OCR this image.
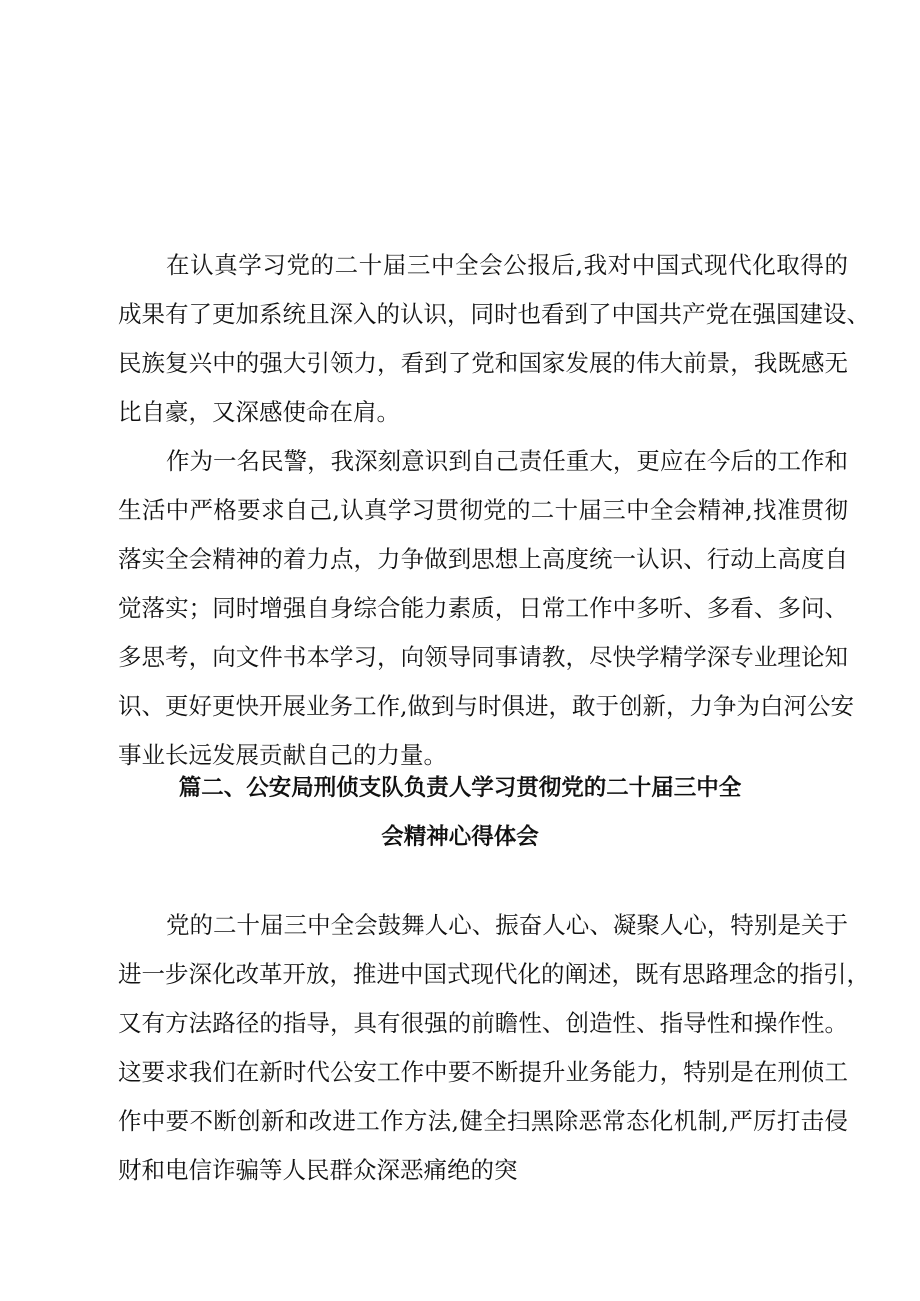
在认真学习党的二十届三中全会公报后,我对中国式现代化取得的
成果有了更加系统且深入的认识，同时也看到了中国共产党在强国建设、
民族复兴中的强大引领力，看到了党和国家发展的伟大前景，我既感无
比自豪，又深感使命在肩。
作为一名民警，我深刻意识到自己责任重大，更应在今后的工作和
生活中严格要求自己,认真学习贯彻党的二十届三中全会精神,找准贯彻
落实全会精神的着力点，力争做到思想上高度统一认识、行动上高度自
觉落实；同时增强自身综合能力素质，日常工作中多听、多看、多问、
多思考，向文件书本学习，向领导同事请教，尽快学精学深专业理论知
识、更好更快开展业务工作,做到与时俱进，敢于创新，力争为白河公安
事业长远发展贡献自己的力量。
篇二、公安局刑侦支队负责人学习贯彻党的二十届三中全
会精神心得体会
党的二十届三中全会鼓舞人心、振奋人心、凝聚人心，特别是关于
进一步深化改革开放，推进中国式现代化的阐述，既有思路理念的指引，
又有方法路径的指导，具有很强的前瞻性、创造性、指导性和操作性。
这要求我们在新时代公安工作中要不断提升业务能力，特别是在刑侦工
作中要不断创新和改进工作方法,健全扫黑除恶常态化机制,严厉打击侵
财和电信诈骗等人民群众深恶痛绝的突
